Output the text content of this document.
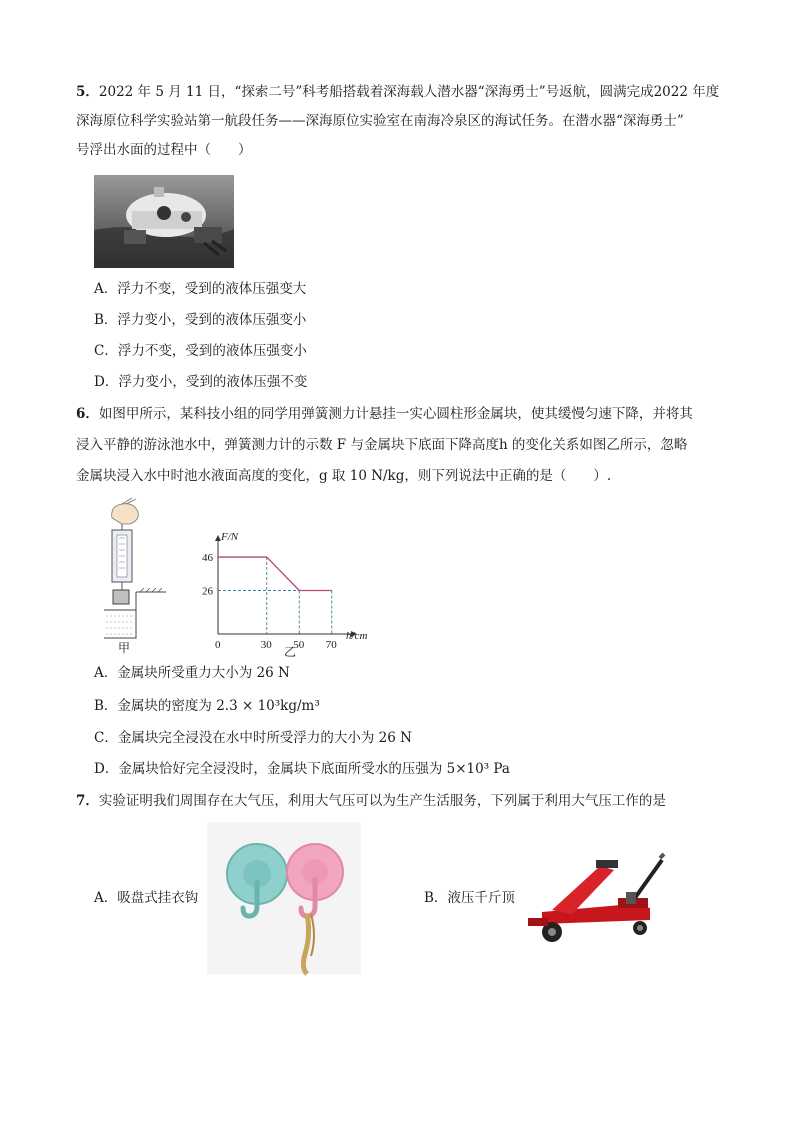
5．2022 年 5 月 11 日，“探索二号”科考船搭载着深海载人潜水器“深海勇士”号返航，圆满完成2022 年度
深海原位科学实验站第一航段任务——深海原位实验室在南海冷泉区的海试任务。在潜水器“深海勇士”
号浮出水面的过程中（　　）
A．浮力不变，受到的液体压强变大
B．浮力变小，受到的液体压强变小
C．浮力不变，受到的液体压强变小
D．浮力变小，受到的液体压强不变
6．如图甲所示，某科技小组的同学用弹簧测力计悬挂一实心圆柱形金属块，使其缓慢匀速下降，并将其
浸入平静的游泳池水中，弹簧测力计的示数 F 与金属块下底面下降高度h 的变化关系如图乙所示，忽略
金属块浸入水中时池水液面高度的变化，g 取 10 N/kg，则下列说法中正确的是（　　）.
甲
F/N
h/cm
0	30 50 70
46
26
乙
A．金属块所受重力大小为 26 N
B．金属块的密度为 2.3 × 10³kg/m³
C．金属块完全浸没在水中时所受浮力的大小为 26 N
D．金属块恰好完全浸没时，金属块下底面所受水的压强为 5×10³ Pa
7．实验证明我们周围存在大气压，利用大气压可以为生产生活服务，下列属于利用大气压工作的是
A．吸盘式挂衣钩	B．液压千斤顶
